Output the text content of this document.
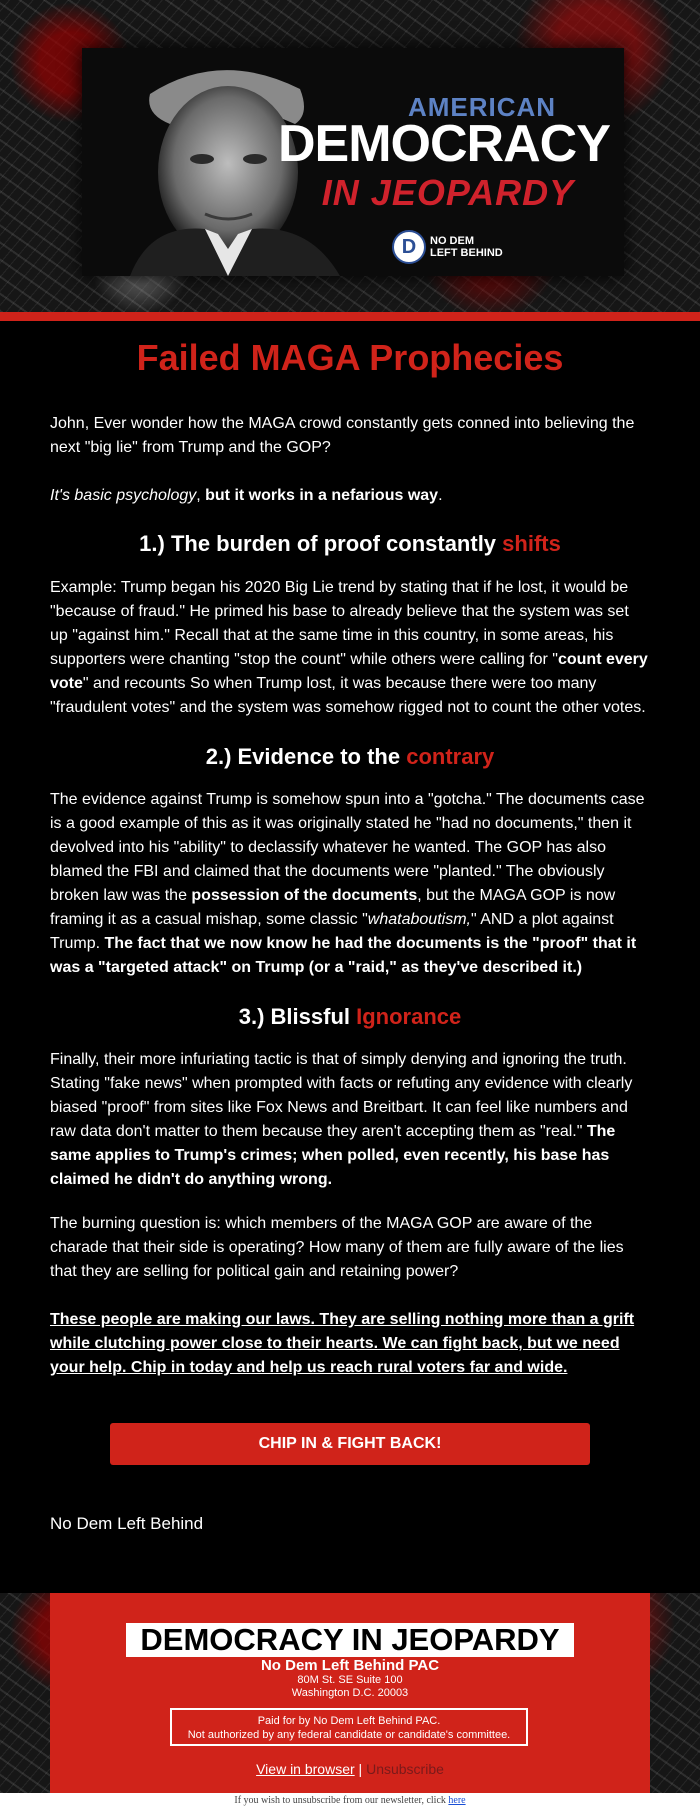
AMERICAN
DEMOCRACY
IN JEOPARDY
D	NO DEM
LEFT BEHIND
Failed MAGA Prophecies

John, Ever wonder how the MAGA crowd constantly gets conned into believing the next "big lie" from Trump and the GOP?

It's basic psychology, but it works in a nefarious way.

1.) The burden of proof constantly shifts

Example: Trump began his 2020 Big Lie trend by stating that if he lost, it would be "because of fraud." He primed his base to already believe that the system was set up "against him." Recall that at the same time in this country, in some areas, his supporters were chanting "stop the count" while others were calling for "count every vote" and recounts So when Trump lost, it was because there were too many "fraudulent votes" and the system was somehow rigged not to count the other votes.

2.) Evidence to the contrary

The evidence against Trump is somehow spun into a "gotcha." The documents case is a good example of this as it was originally stated he "had no documents," then it devolved into his "ability" to declassify whatever he wanted. The GOP has also blamed the FBI and claimed that the documents were "planted." The obviously broken law was the possession of the documents, but the MAGA GOP is now framing it as a casual mishap, some classic "whataboutism," AND a plot against Trump. The fact that we now know he had the documents is the "proof" that it was a "targeted attack" on Trump (or a "raid," as they've described it.)

3.) Blissful Ignorance

Finally, their more infuriating tactic is that of simply denying and ignoring the truth. Stating "fake news" when prompted with facts or refuting any evidence with clearly biased "proof" from sites like Fox News and Breitbart. It can feel like numbers and raw data don't matter to them because they aren't accepting them as "real." The same applies to Trump's crimes; when polled, even recently, his base has claimed he didn't do anything wrong.

The burning question is: which members of the MAGA GOP are aware of the charade that their side is operating? How many of them are fully aware of the lies that they are selling for political gain and retaining power?

These people are making our laws. They are selling nothing more than a grift while clutching power close to their hearts. We can fight back, but we need your help. Chip in today and help us reach rural voters far and wide.

CHIP IN & FIGHT BACK!

No Dem Left Behind

DEMOCRACY IN JEOPARDY
No Dem Left Behind PAC
80M St. SE Suite 100
Washington D.C. 20003
Paid for by No Dem Left Behind PAC.
Not authorized by any federal candidate or candidate's committee.
View in browser | Unsubscribe
If you wish to unsubscribe from our newsletter, click here
